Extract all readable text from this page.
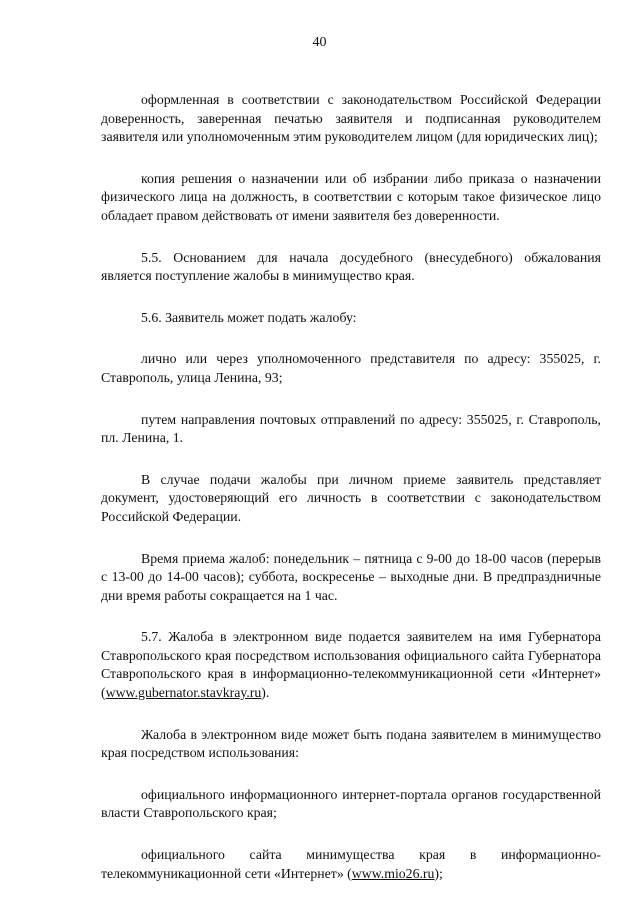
40

оформленная в соответствии с законодательством Российской Федерации доверенность, заверенная печатью заявителя и подписанная руководителем заявителя или уполномоченным этим руководителем лицом (для юридических лиц);

копия решения о назначении или об избрании либо приказа о назначении физического лица на должность, в соответствии с которым такое физическое лицо обладает правом действовать от имени заявителя без доверенности.

5.5. Основанием для начала досудебного (внесудебного) обжалования является поступление жалобы в минимущество края.

5.6. Заявитель может подать жалобу:

лично или через уполномоченного представителя по адресу: 355025, г. Ставрополь, улица Ленина, 93;

путем направления почтовых отправлений по адресу: 355025, г. Ставрополь, пл. Ленина, 1.

В случае подачи жалобы при личном приеме заявитель представляет документ, удостоверяющий его личность в соответствии с законодательством Российской Федерации.

Время приема жалоб: понедельник – пятница с 9-00 до 18-00 часов (перерыв с 13-00 до 14-00 часов); суббота, воскресенье – выходные дни. В предпраздничные дни время работы сокращается на 1 час.

5.7. Жалоба в электронном виде подается заявителем на имя Губернатора Ставропольского края посредством использования официального сайта Губернатора Ставропольского края в информационно-телекоммуникационной сети «Интернет» (www.gubernator.stavkray.ru).

Жалоба в электронном виде может быть подана заявителем в минимущество края посредством использования:

официального информационного интернет-портала органов государственной власти Ставропольского края;

официального сайта минимущества края в информационно-телекоммуникационной сети «Интернет» (www.mio26.ru);
